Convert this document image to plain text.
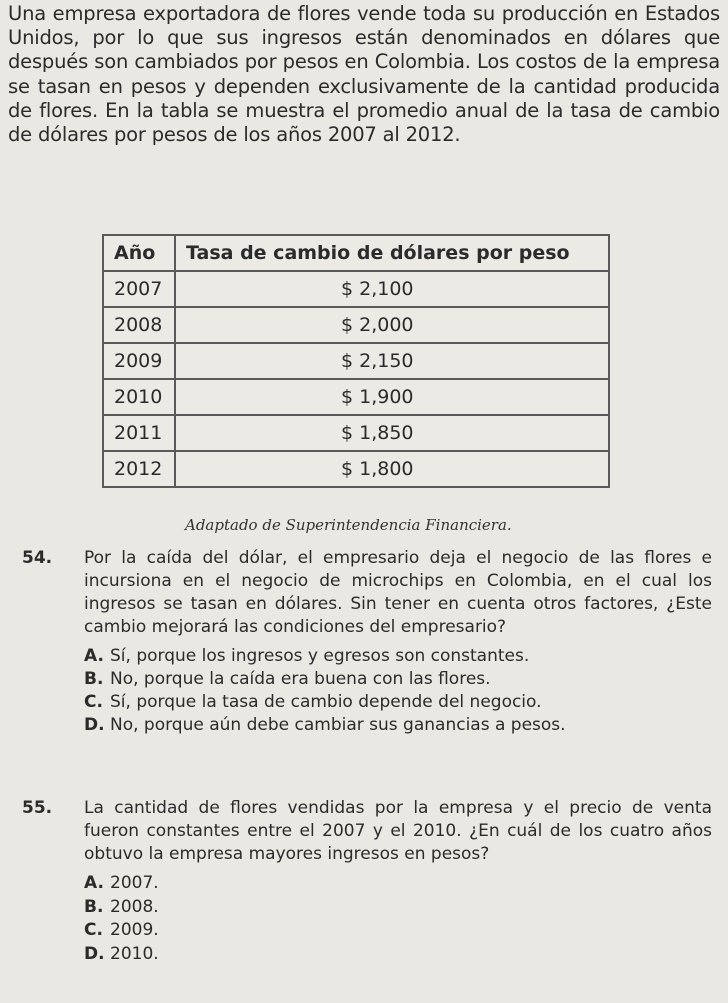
Una empresa exportadora de flores vende toda su producción en Estados Unidos, por lo que sus ingresos están denominados en dólares que después son cambiados por pesos en Colombia. Los costos de la empresa se tasan en pesos y dependen exclusivamente de la cantidad producida de flores. En la tabla se muestra el promedio anual de la tasa de cambio de dólares por pesos de los años 2007 al 2012.

Año	Tasa de cambio de dólares por peso
2007	$ 2,100
2008	$ 2,000
2009	$ 2,150
2010	$ 1,900
2011	$ 1,850
2012	$ 1,800
Adaptado de Superintendencia Financiera.
54. Por la caída del dólar, el empresario deja el negocio de las flores e incursiona en el negocio de microchips en Colombia, en el cual los ingresos se tasan en dólares. Sin tener en cuenta otros factores, ¿Este cambio mejorará las condiciones del empresario?
A. Sí, porque los ingresos y egresos son constantes.
B. No, porque la caída era buena con las flores.
C. Sí, porque la tasa de cambio depende del negocio.
D. No, porque aún debe cambiar sus ganancias a pesos.
55. La cantidad de flores vendidas por la empresa y el precio de venta fueron constantes entre el 2007 y el 2010. ¿En cuál de los cuatro años obtuvo la empresa mayores ingresos en pesos?
A. 2007.
B. 2008.
C. 2009.
D. 2010.
